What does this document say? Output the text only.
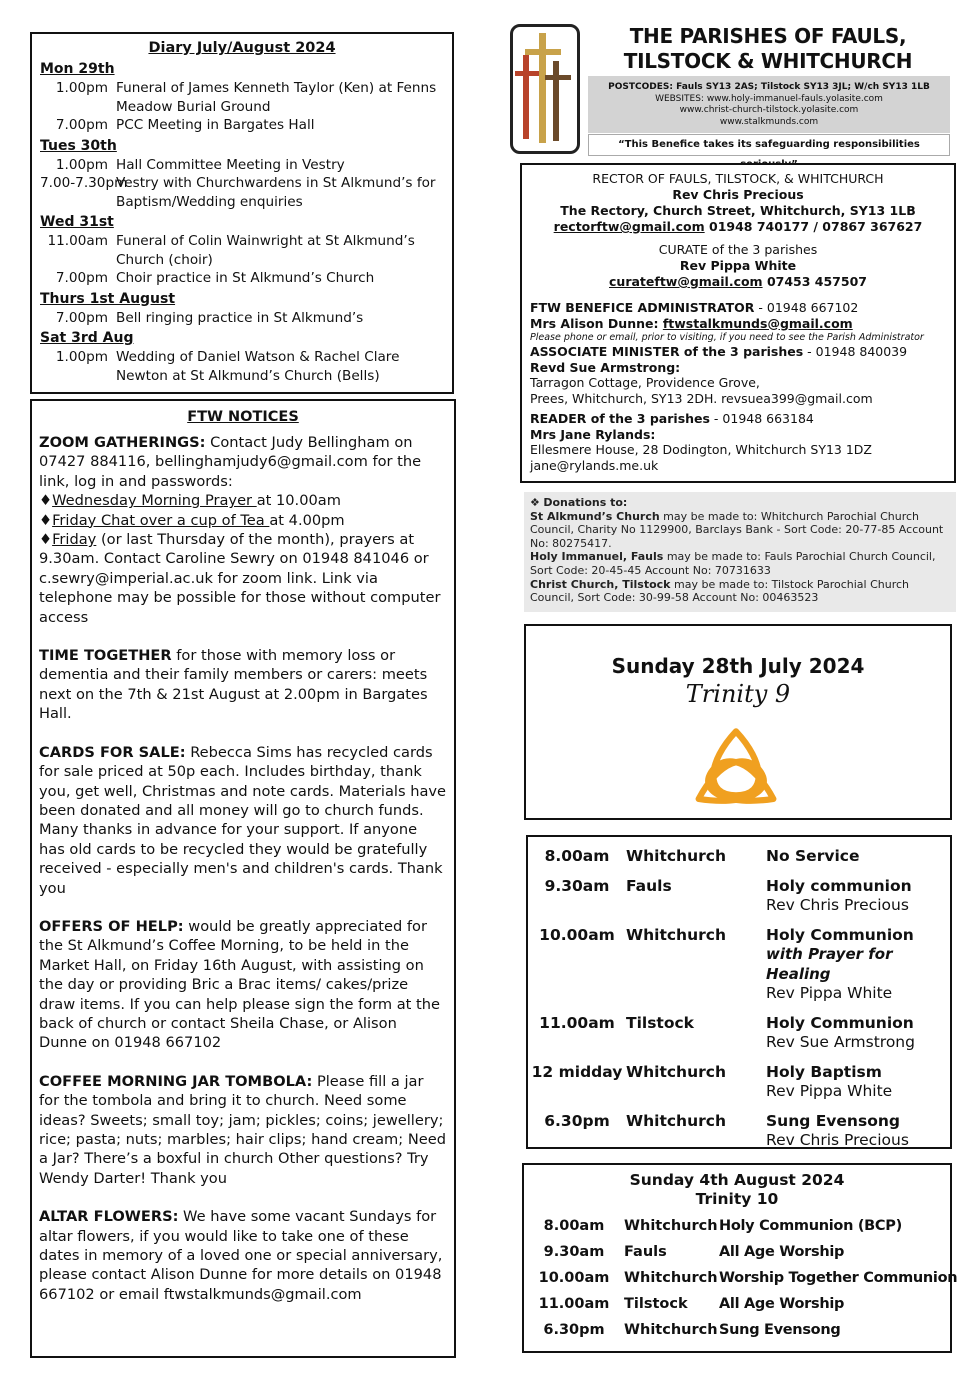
Diary July/August 2024
Mon 29th
1.00pm Funeral of James Kenneth Taylor (Ken) at Fenns Meadow Burial Ground
7.00pm PCC Meeting in Bargates Hall
Tues 30th
1.00pm Hall Committee Meeting in Vestry
7.00-7.30pm
Vestry with Churchwardens in St Alkmund’s for Baptism/Wedding enquiries
Wed 31st
11.00am Funeral of Colin Wainwright at St Alkmund’s Church (choir)
7.00pm Choir practice in St Alkmund’s Church
Thurs 1st August
7.00pm Bell ringing practice in St Alkmund’s
Sat 3rd Aug
1.00pm Wedding of Daniel Watson & Rachel Clare Newton at St Alkmund’s Church (Bells)
FTW NOTICES
ZOOM GATHERINGS: Contact Judy Bellingham on 07427 884116, bellinghamjudy6@gmail.com for the link, log in and passwords:
♦Wednesday Morning Prayer at 10.00am
♦Friday Chat over a cup of Tea at 4.00pm
♦Friday (or last Thursday of the month), prayers at 9.30am. Contact Caroline Sewry on 01948 841046 or c.sewry@imperial.ac.uk for zoom link. Link via telephone may be possible for those without computer access
TIME TOGETHER for those with memory loss or dementia and their family members or carers: meets next on the 7th & 21st August at 2.00pm in Bargates Hall.
CARDS FOR SALE: Rebecca Sims has recycled cards for sale priced at 50p each. Includes birthday, thank you, get well, Christmas and note cards. Materials have been donated and all money will go to church funds. Many thanks in advance for your support. If anyone has old cards to be recycled they would be gratefully received - especially men's and children's cards. Thank you
OFFERS OF HELP: would be greatly appreciated for the St Alkmund’s Coffee Morning, to be held in the Market Hall, on Friday 16th August, with assisting on the day or providing Bric a Brac items/ cakes/prize draw items. If you can help please sign the form at the back of church or contact Sheila Chase, or Alison Dunne on 01948 667102
COFFEE MORNING JAR TOMBOLA: Please fill a jar for the tombola and bring it to church. Need some ideas? Sweets; small toy; jam; pickles; coins; jewellery; rice; pasta; nuts; marbles; hair clips; hand cream; Need a Jar? There’s a boxful in church Other questions? Try Wendy Darter! Thank you
ALTAR FLOWERS: We have some vacant Sundays for altar flowers, if you would like to take one of these dates in memory of a loved one or special anniversary, please contact Alison Dunne for more details on 01948 667102 or email ftwstalkmunds@gmail.com
THE PARISHES OF FAULS,
TILSTOCK & WHITCHURCH
POSTCODES: Fauls SY13 2AS; Tilstock SY13 3JL; W/ch SY13 1LB
WEBSITES: www.holy-immanuel-fauls.yolasite.com
www.christ-church-tilstock.yolasite.com
www.stalkmunds.com
“This Benefice takes its safeguarding responsibilities
RECTOR OF FAULS, TILSTOCK, & WHITCHURCH
Rev Chris Precious
The Rectory, Church Street, Whitchurch, SY13 1LB
rectorftw@gmail.com 01948 740177 / 07867 367627
CURATE of the 3 parishes
Rev Pippa White
curateftw@gmail.com 07453 457507
FTW BENEFICE ADMINISTRATOR - 01948 667102
Mrs Alison Dunne: ftwstalkmunds@gmail.com
Please phone or email, prior to visiting, if you need to see the Parish Administrator
ASSOCIATE MINISTER of the 3 parishes - 01948 840039
Revd Sue Armstrong:
Tarragon Cottage, Providence Grove,
Prees, Whitchurch, SY13 2DH. revsuea399@gmail.com
READER of the 3 parishes - 01948 663184
Mrs Jane Rylands:
Ellesmere House, 28 Dodington, Whitchurch SY13 1DZ
jane@rylands.me.uk
❖ Donations to:
St Alkmund’s Church may be made to: Whitchurch Parochial Church Council, Charity No 1129900, Barclays Bank - Sort Code: 20-77-85 Account No: 80275417.
Holy Immanuel, Fauls may be made to: Fauls Parochial Church Council, Sort Code: 20-45-45 Account No: 70731633
Christ Church, Tilstock may be made to: Tilstock Parochial Church Council, Sort Code: 30-99-58 Account No: 00463523
Sunday 28th July 2024
Trinity 9
8.00am	Whitchurch	No Service
9.30am	Fauls	Holy communion
Rev Chris Precious
10.00am Whitchurch	Holy Communion
with Prayer for Healing
Rev Pippa White
11.00am Tilstock	Holy Communion
Rev Sue Armstrong
12 midday Whitchurch	Holy Baptism
Rev Pippa White
6.30pm	Whitchurch	Sung Evensong
Rev Chris Precious
Sunday 4th August 2024
Trinity 10
8.00am	Whitchurch Holy Communion (BCP)
9.30am	Fauls	All Age Worship
10.00am	Whitchurch Worship Together Communion
11.00am	Tilstock	All Age Worship
6.30pm	Whitchurch Sung Evensong
